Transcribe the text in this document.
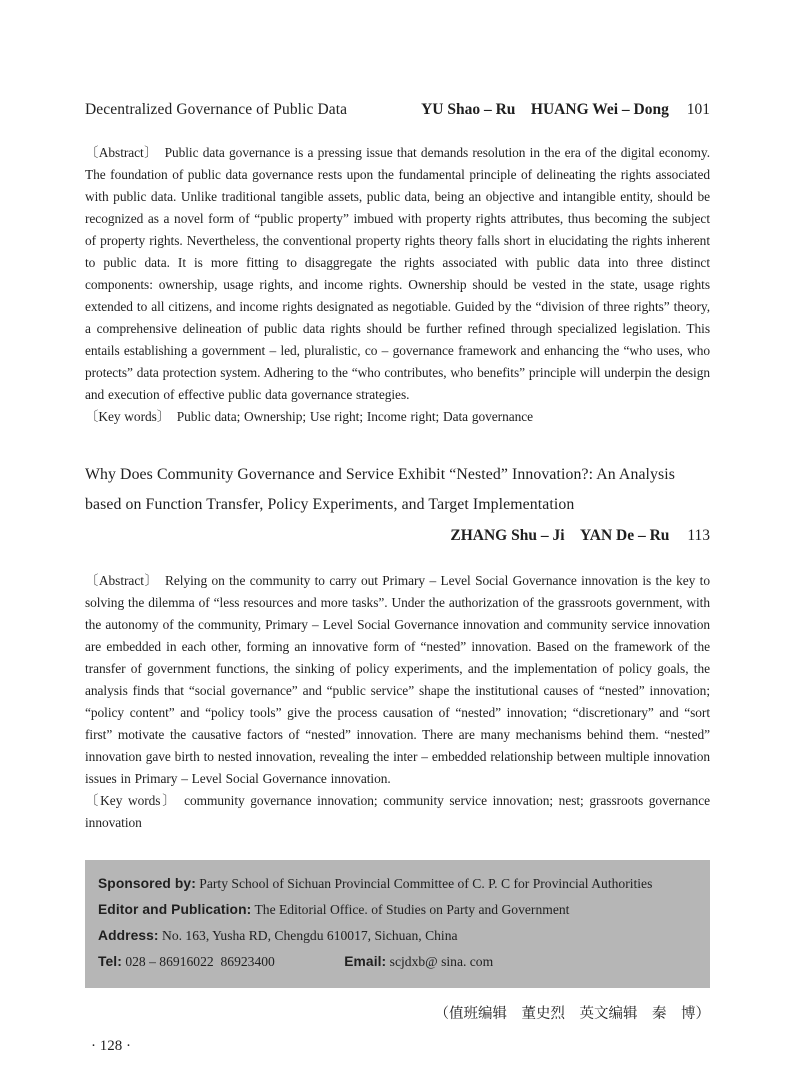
Decentralized Governance of Public Data	YU Shao – Ru HUANG Wei – Dong 101

〔Abstract〕 Public data governance is a pressing issue that demands resolution in the era of the digital economy. The foundation of public data governance rests upon the fundamental principle of delineating the rights associated with public data. Unlike traditional tangible assets, public data, being an objective and intangible entity, should be recognized as a novel form of “public property” imbued with property rights attributes, thus becoming the subject of property rights. Nevertheless, the conventional property rights theory falls short in elucidating the rights inherent to public data. It is more fitting to disaggregate the rights associated with public data into three distinct components: ownership, usage rights, and income rights. Ownership should be vested in the state, usage rights extended to all citizens, and income rights designated as negotiable. Guided by the “division of three rights” theory, a comprehensive delineation of public data rights should be further refined through specialized legislation. This entails establishing a government – led, pluralistic, co – governance framework and enhancing the “who uses, who protects” data protection system. Adhering to the “who contributes, who benefits” principle will underpin the design and execution of effective public data governance strategies.

〔Key words〕 Public data; Ownership; Use right; Income right; Data governance

Why Does Community Governance and Service Exhibit “Nested” Innovation?: An Analysis based on Function Transfer, Policy Experiments, and Target Implementation
ZHANG Shu – Ji YAN De – Ru 113

〔Abstract〕 Relying on the community to carry out Primary – Level Social Governance innovation is the key to solving the dilemma of “less resources and more tasks”. Under the authorization of the grassroots government, with the autonomy of the community, Primary – Level Social Governance innovation and community service innovation are embedded in each other, forming an innovative form of “nested” innovation. Based on the framework of the transfer of government functions, the sinking of policy experiments, and the implementation of policy goals, the analysis finds that “social governance” and “public service” shape the institutional causes of “nested” innovation; “policy content” and “policy tools” give the process causation of “nested” innovation; “discretionary” and “sort first” motivate the causative factors of “nested” innovation. There are many mechanisms behind them. “nested” innovation gave birth to nested innovation, revealing the inter – embedded relationship between multiple innovation issues in Primary – Level Social Governance innovation.

〔Key words〕 community governance innovation; community service innovation; nest; grassroots governance innovation

Sponsored by: Party School of Sichuan Provincial Committee of C. P. C for Provincial Authorities
Editor and Publication: The Editorial Office. of Studies on Party and Government
Address: No. 163, Yusha RD, Chengdu 610017, Sichuan, China
Tel: 028 – 86916022 86923400	Email: scjdxb@ sina. com
（值班编辑　董史烈　英文编辑　秦　博）
· 128 ·
